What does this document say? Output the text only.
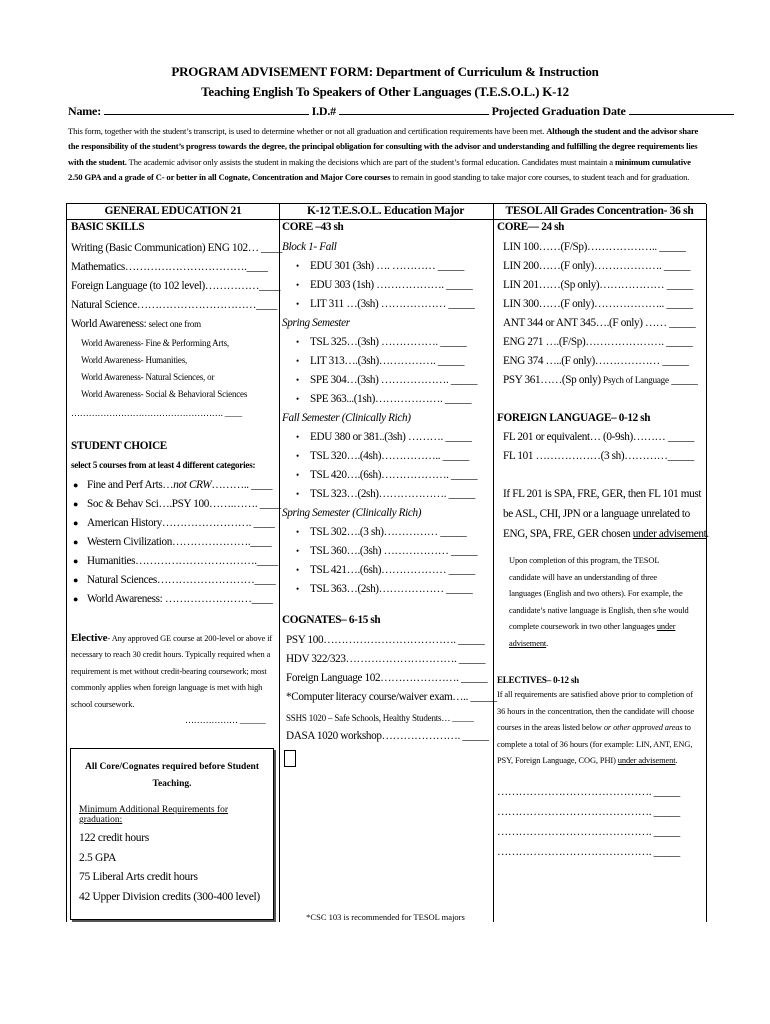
PROGRAM ADVISEMENT FORM: Department of Curriculum & Instruction
Teaching English To Speakers of Other Languages (T.E.S.O.L.) K-12
Name:	I.D.#	Projected Graduation Date
This form, together with the student’s transcript, is used to determine whether or not all graduation and certification requirements have been met. Although the student and the advisor share the responsibility of the student’s progress towards the degree, the principal obligation for consulting with the advisor and understanding and fulfilling the degree requirements lies with the student. The academic advisor only assists the student in making the decisions which are part of the student’s formal education. Candidates must maintain a minimum cumulative 2.50 GPA and a grade of C- or better in all Cognate, Concentration and Major Core courses to remain in good standing to take major core courses, to student teach and for graduation.
GENERAL EDUCATION 21
BASIC SKILLS
Writing (Basic Communication) ENG 102… ____
Mathematics…………………………….____
Foreign Language (to 102 level)……………____
Natural Science……………………………____
World Awareness: select one from
World Awareness- Fine & Performing Arts,
World Awareness- Humanities,
World Awareness- Natural Sciences, or
World Awareness- Social & Behavioral Sciences
……………………………………………. ____
STUDENT CHOICE
select 5 courses from at least 4 different categories:
● Fine and Perf Arts…not CRW……….. ____
● Soc & Behav Sci….PSY 100…….……. ____
● American History……………………. ____
● Western Civilization………………….____
● Humanities…………………………….____
● Natural Sciences………………………____
● World Awareness: ……………………____
Elective- Any approved GE course at 200-level or above if necessary to reach 30 credit hours. Typically required when a requirement is met without credit-bearing coursework; most commonly applies when foreign language is met with high school coursework.
……………… ______
K-12 T.E.S.O.L. Education Major
CORE –43 sh
Block 1- Fall
• EDU 301 (3sh) …. ………… _____
• EDU 303 (1sh) ………………. _____
• LIT 311 …(3sh) ……………… _____
Spring Semester
• TSL 325…(3sh) ……………. _____
• LIT 313….(3sh)……………. _____
• SPE 304…(3sh) ………………. _____
• SPE 363...(1sh)………………. _____
Fall Semester (Clinically Rich)
• EDU 380 or 381..(3sh) ………. _____
• TSL 320….(4sh)…………….. _____
• TSL 420….(6sh)………………. _____
• TSL 323…(2sh)………………. _____
Spring Semester (Clinically Rich)
• TSL 302….(3 sh)…………… _____
• TSL 360….(3sh) ……………… _____
• TSL 421….(6sh)……………… _____
• TSL 363…(2sh)……………… _____
COGNATES– 6-15 sh
PSY 100………………………………. _____
HDV 322/323…………………………. _____
Foreign Language 102…………………. _____
*Computer literacy course/waiver exam….. _____
SSHS 1020 – Safe Schools, Healthy Students… _____
DASA 1020 workshop…………………. _____
TESOL All Grades Concentration- 36 sh
CORE— 24 sh
LIN 100……(F/Sp)……………….. _____
LIN 200……(F only)………………. _____
LIN 201……(Sp only)……………… _____
LIN 300……(F only)……………….. _____
ANT 344 or ANT 345….(F only) …… _____
ENG 271 ….(F/Sp)…………………. _____
ENG 374 …..(F only)……………… _____
PSY 361……(Sp only) Psych of Language _____
FOREIGN LANGUAGE– 0-12 sh
FL 201 or equivalent… (0-9sh)……… _____
FL 101 ………………(3 sh)…………_____
If FL 201 is SPA, FRE, GER, then FL 101 must
be ASL, CHI, JPN or a language unrelated to
ENG, SPA, FRE, GER chosen under advisement.
Upon completion of this program, the TESOL candidate will have an understanding of three languages (English and two others). For example, the candidate’s native language is English, then s/he would complete coursework in two other languages under advisement.
ELECTIVES– 0-12 sh
If all requirements are satisfied above prior to completion of 36 hours in the concentration, then the candidate will choose courses in the areas listed below or other approved areas to complete a total of 36 hours (for example: LIN, ANT, ENG, PSY, Foreign Language, COG, PHI) under advisement.
……………………………………. _____
……………………………………. _____
……………………………………. _____
……………………………………. _____
All Core/Cognates required before Student Teaching.
Minimum Additional Requirements for graduation:
122 credit hours
2.5 GPA
75 Liberal Arts credit hours
42 Upper Division credits (300-400 level)
*CSC 103 is recommended for TESOL majors
